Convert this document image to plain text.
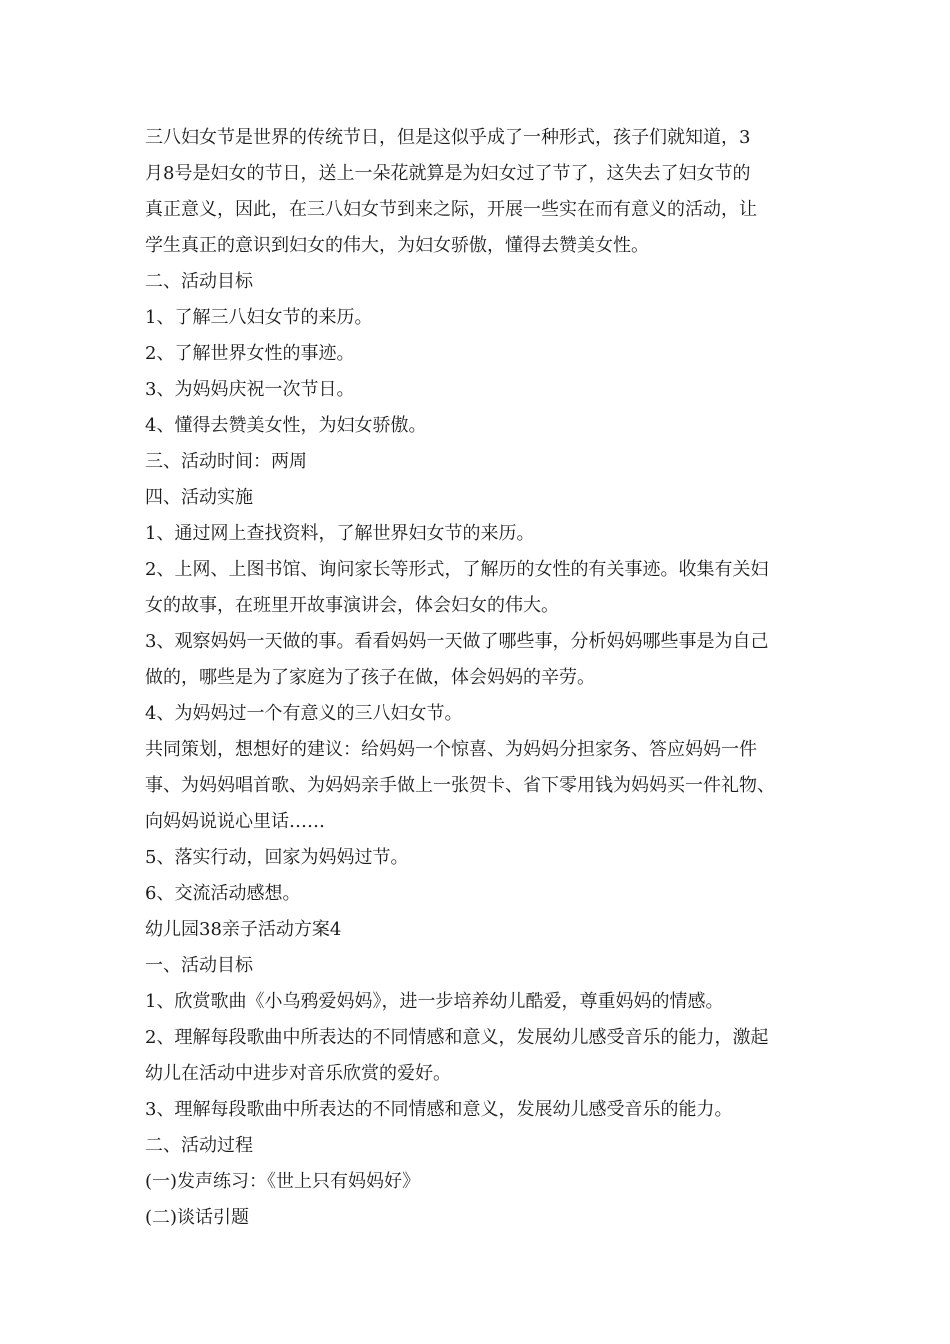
三八妇女节是世界的传统节日，但是这似乎成了一种形式，孩子们就知道，3

月8号是妇女的节日，送上一朵花就算是为妇女过了节了，这失去了妇女节的

真正意义，因此，在三八妇女节到来之际，开展一些实在而有意义的活动，让

学生真正的意识到妇女的伟大，为妇女骄傲，懂得去赞美女性。

二、活动目标

1、了解三八妇女节的来历。

2、了解世界女性的事迹。

3、为妈妈庆祝一次节日。

4、懂得去赞美女性，为妇女骄傲。

三、活动时间：两周

四、活动实施

1、通过网上查找资料，了解世界妇女节的来历。

2、上网、上图书馆、询问家长等形式，了解历的女性的有关事迹。收集有关妇

女的故事，在班里开故事演讲会，体会妇女的伟大。

3、观察妈妈一天做的事。看看妈妈一天做了哪些事，分析妈妈哪些事是为自己

做的，哪些是为了家庭为了孩子在做，体会妈妈的辛劳。

4、为妈妈过一个有意义的三八妇女节。

共同策划，想想好的建议：给妈妈一个惊喜、为妈妈分担家务、答应妈妈一件

事、为妈妈唱首歌、为妈妈亲手做上一张贺卡、省下零用钱为妈妈买一件礼物、

向妈妈说说心里话……

5、落实行动，回家为妈妈过节。

6、交流活动感想。

幼儿园38亲子活动方案4

一、活动目标

1、欣赏歌曲《小乌鸦爱妈妈》，进一步培养幼儿酷爱，尊重妈妈的情感。

2、理解每段歌曲中所表达的不同情感和意义，发展幼儿感受音乐的能力，激起

幼儿在活动中进步对音乐欣赏的爱好。

3、理解每段歌曲中所表达的不同情感和意义，发展幼儿感受音乐的能力。

二、活动过程

(一)发声练习：《世上只有妈妈好》

(二)谈话引题
